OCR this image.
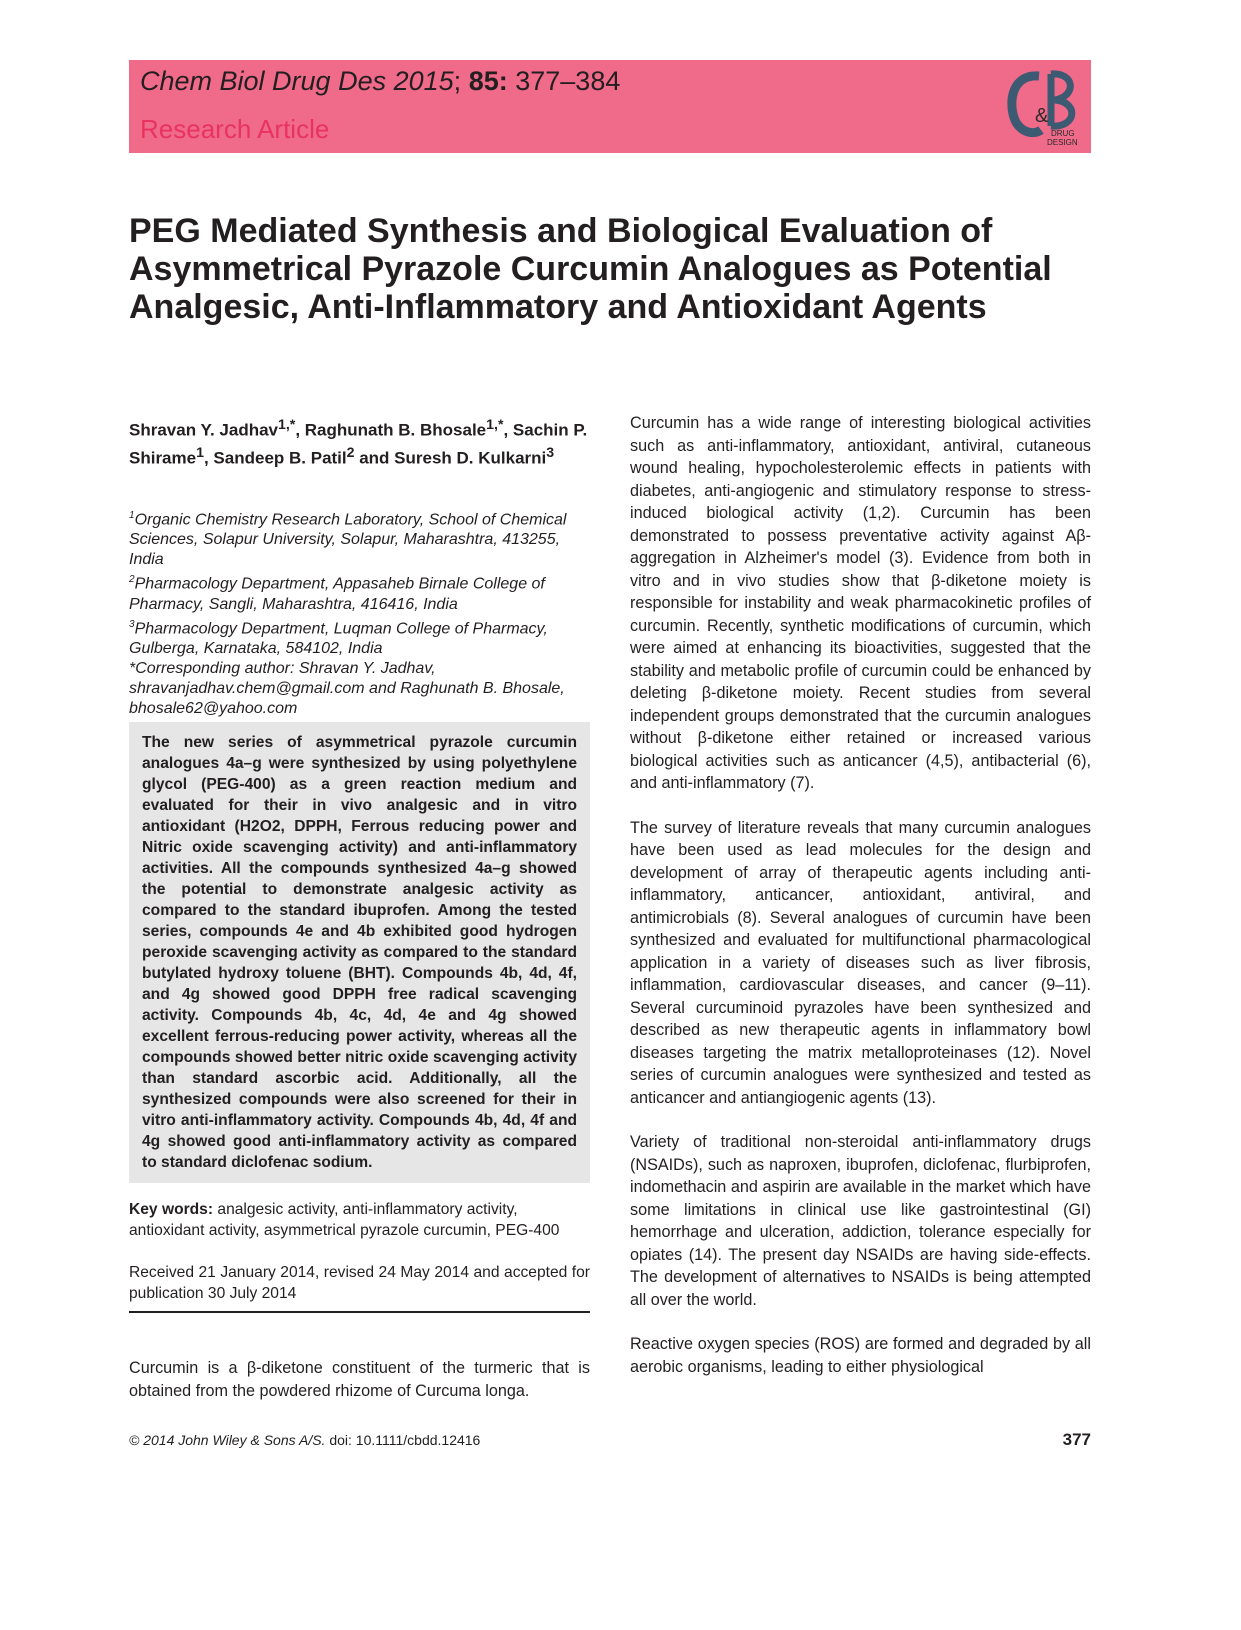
Chem Biol Drug Des 2015; 85: 377–384
Research Article	&
DRUG
DESIGN
PEG Mediated Synthesis and Biological Evaluation of Asymmetrical Pyrazole Curcumin Analogues as Potential Analgesic, Anti-Inflammatory and Antioxidant Agents
Shravan Y. Jadhav$^{1,*}$, Raghunath B. Bhosale$^{1,*}$, Sachin P. Shirame$^1$, Sandeep B. Patil$^2$ and Suresh D. Kulkarni$^3$
$^1$Organic Chemistry Research Laboratory, School of Chemical Sciences, Solapur University, Solapur, Maharashtra, 413255, India
$^2$Pharmacology Department, Appasaheb Birnale College of Pharmacy, Sangli, Maharashtra, 416416, India
$^3$Pharmacology Department, Luqman College of Pharmacy, Gulberga, Karnataka, 584102, India
*Corresponding author: Shravan Y. Jadhav, shravanjadhav.chem@gmail.com and Raghunath B. Bhosale, bhosale62@yahoo.com
The new series of asymmetrical pyrazole curcumin analogues 4a–g were synthesized by using polyethylene glycol (PEG-400) as a green reaction medium and evaluated for their in vivo analgesic and in vitro antioxidant (H2O2, DPPH, Ferrous reducing power and Nitric oxide scavenging activity) and anti-inflammatory activities. All the compounds synthesized 4a–g showed the potential to demonstrate analgesic activity as compared to the standard ibuprofen. Among the tested series, compounds 4e and 4b exhibited good hydrogen peroxide scavenging activity as compared to the standard butylated hydroxy toluene (BHT). Compounds 4b, 4d, 4f, and 4g showed good DPPH free radical scavenging activity. Compounds 4b, 4c, 4d, 4e and 4g showed excellent ferrous-reducing power activity, whereas all the compounds showed better nitric oxide scavenging activity than standard ascorbic acid. Additionally, all the synthesized compounds were also screened for their in vitro anti-inflammatory activity. Compounds 4b, 4d, 4f and 4g showed good anti-inflammatory activity as compared to standard diclofenac sodium.
Key words: analgesic activity, anti-inflammatory activity, antioxidant activity, asymmetrical pyrazole curcumin, PEG-400
Received 21 January 2014, revised 24 May 2014 and accepted for publication 30 July 2014

Curcumin is a β-diketone constituent of the turmeric that is obtained from the powdered rhizome of Curcuma longa.

Curcumin has a wide range of interesting biological activities such as anti-inflammatory, antioxidant, antiviral, cutaneous wound healing, hypocholesterolemic effects in patients with diabetes, anti-angiogenic and stimulatory response to stress-induced biological activity (1,2). Curcumin has been demonstrated to possess preventative activity against Aβ-aggregation in Alzheimer's model (3). Evidence from both in vitro and in vivo studies show that β-diketone moiety is responsible for instability and weak pharmacokinetic profiles of curcumin. Recently, synthetic modifications of curcumin, which were aimed at enhancing its bioactivities, suggested that the stability and metabolic profile of curcumin could be enhanced by deleting β-diketone moiety. Recent studies from several independent groups demonstrated that the curcumin analogues without β-diketone either retained or increased various biological activities such as anticancer (4,5), antibacterial (6), and anti-inflammatory (7).

The survey of literature reveals that many curcumin analogues have been used as lead molecules for the design and development of array of therapeutic agents including anti-inflammatory, anticancer, antioxidant, antiviral, and antimicrobials (8). Several analogues of curcumin have been synthesized and evaluated for multifunctional pharmacological application in a variety of diseases such as liver fibrosis, inflammation, cardiovascular diseases, and cancer (9–11). Several curcuminoid pyrazoles have been synthesized and described as new therapeutic agents in inflammatory bowl diseases targeting the matrix metalloproteinases (12). Novel series of curcumin analogues were synthesized and tested as anticancer and antiangiogenic agents (13).

Variety of traditional non-steroidal anti-inflammatory drugs (NSAIDs), such as naproxen, ibuprofen, diclofenac, flurbiprofen, indomethacin and aspirin are available in the market which have some limitations in clinical use like gastrointestinal (GI) hemorrhage and ulceration, addiction, tolerance especially for opiates (14). The present day NSAIDs are having side-effects. The development of alternatives to NSAIDs is being attempted all over the world.

Reactive oxygen species (ROS) are formed and degraded by all aerobic organisms, leading to either physiological

© 2014 John Wiley & Sons A/S. doi: 10.1111/cbdd.12416	377
